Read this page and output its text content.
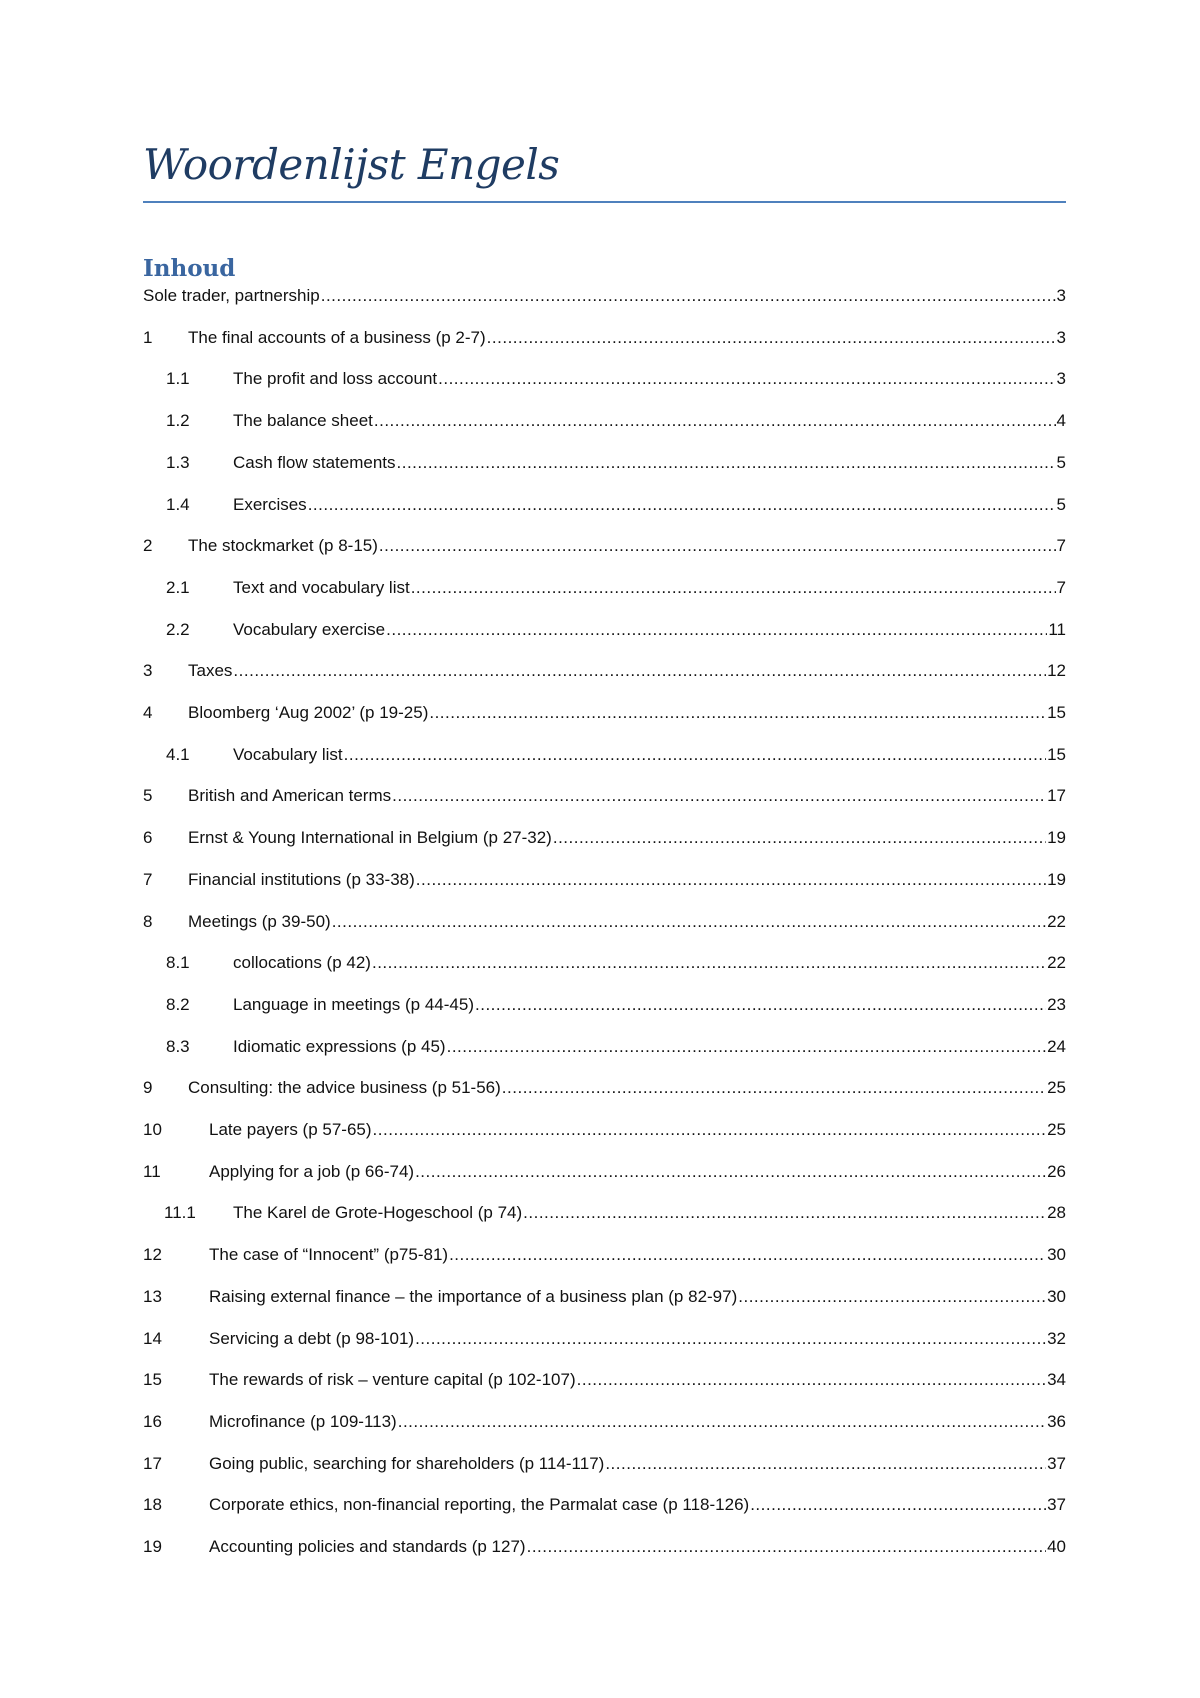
Woordenlijst Engels
Inhoud
Sole trader, partnership .....	3
1	The final accounts of a business (p 2-7) .....	3
1.1	The profit and loss account .....	3
1.2	The balance sheet .....	4
1.3	Cash flow statements .....	5
1.4	Exercises .....	5
2	The stockmarket (p 8-15) .....	7
2.1	Text and vocabulary list .....	7
2.2	Vocabulary exercise .....	11
3	Taxes .....	12
4	Bloomberg ‘Aug 2002’ (p 19-25) .....	15
4.1	Vocabulary list .....	15
5	British and American terms .....	17
6	Ernst & Young International in Belgium (p 27-32) .....	19
7	Financial institutions (p 33-38) .....	19
8	Meetings (p 39-50) .....	22
8.1	collocations (p 42) .....	22
8.2	Language in meetings (p 44-45) .....	23
8.3	Idiomatic expressions (p 45) .....	24
9	Consulting: the advice business (p 51-56) .....	25
10	Late payers (p 57-65) .....	25
11	Applying for a job (p 66-74) .....	26
11.1	The Karel de Grote-Hogeschool (p 74) .....	28
12	The case of “Innocent” (p75-81) .....	30
13	Raising external finance – the importance of a business plan (p 82-97) .....	30
14	Servicing a debt (p 98-101) .....	32
15	The rewards of risk – venture capital (p 102-107) .....	34
16	Microfinance (p 109-113) .....	36
17	Going public, searching for shareholders (p 114-117) .....	37
18	Corporate ethics, non-financial reporting, the Parmalat case (p 118-126) .....	37
19	Accounting policies and standards (p 127) .....	40
